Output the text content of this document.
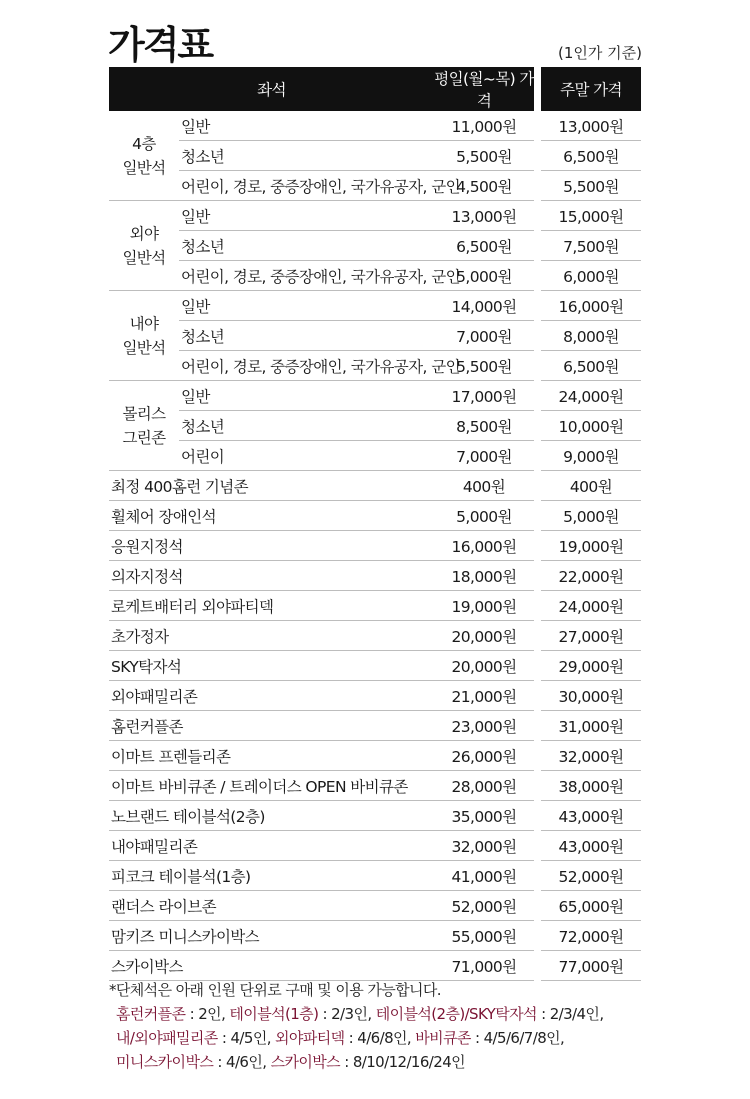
가격표	(1인가 기준)
좌석		평일(월~목) 가격		주말 가격

4층
일반석	일반	11,000원		13,000원
	청소년	5,500원		6,500원
	어린이, 경로, 중증장애인, 국가유공자, 군인	4,500원		5,500원

외야
일반석	일반	13,000원		15,000원
	청소년	6,500원		7,500원
	어린이, 경로, 중증장애인, 국가유공자, 군인	5,000원		6,000원

내야
일반석	일반	14,000원		16,000원
	청소년	7,000원		8,000원
	어린이, 경로, 중증장애인, 국가유공자, 군인	5,500원		6,500원

몰리스
그린존	일반	17,000원		24,000원
	청소년	8,500원		10,000원
	어린이	7,000원		9,000원
최정 400홈런 기념존		400원		400원
휠체어 장애인석		5,000원		5,000원
응원지정석		16,000원		19,000원
의자지정석		18,000원		22,000원
로케트배터리 외야파티덱		19,000원		24,000원
초가정자		20,000원		27,000원
SKY탁자석		20,000원		29,000원
외야패밀리존		21,000원		30,000원
홈런커플존		23,000원		31,000원
이마트 프렌들리존		26,000원		32,000원
이마트 바비큐존 / 트레이더스 OPEN 바비큐존		28,000원		38,000원
노브랜드 테이블석(2층)		35,000원		43,000원
내야패밀리존		32,000원		43,000원
피코크 테이블석(1층)		41,000원		52,000원
랜더스 라이브존		52,000원		65,000원
맘키즈 미니스카이박스		55,000원		72,000원
스카이박스		71,000원		77,000원
*단체석은 아래 인원 단위로 구매 및 이용 가능합니다.
홈런커플존 : 2인, 테이블석(1층) : 2/3인, 테이블석(2층)/SKY탁자석 : 2/3/4인,
내/외야패밀리존 : 4/5인, 외야파티덱 : 4/6/8인, 바비큐존 : 4/5/6/7/8인,
미니스카이박스 : 4/6인, 스카이박스 : 8/10/12/16/24인
